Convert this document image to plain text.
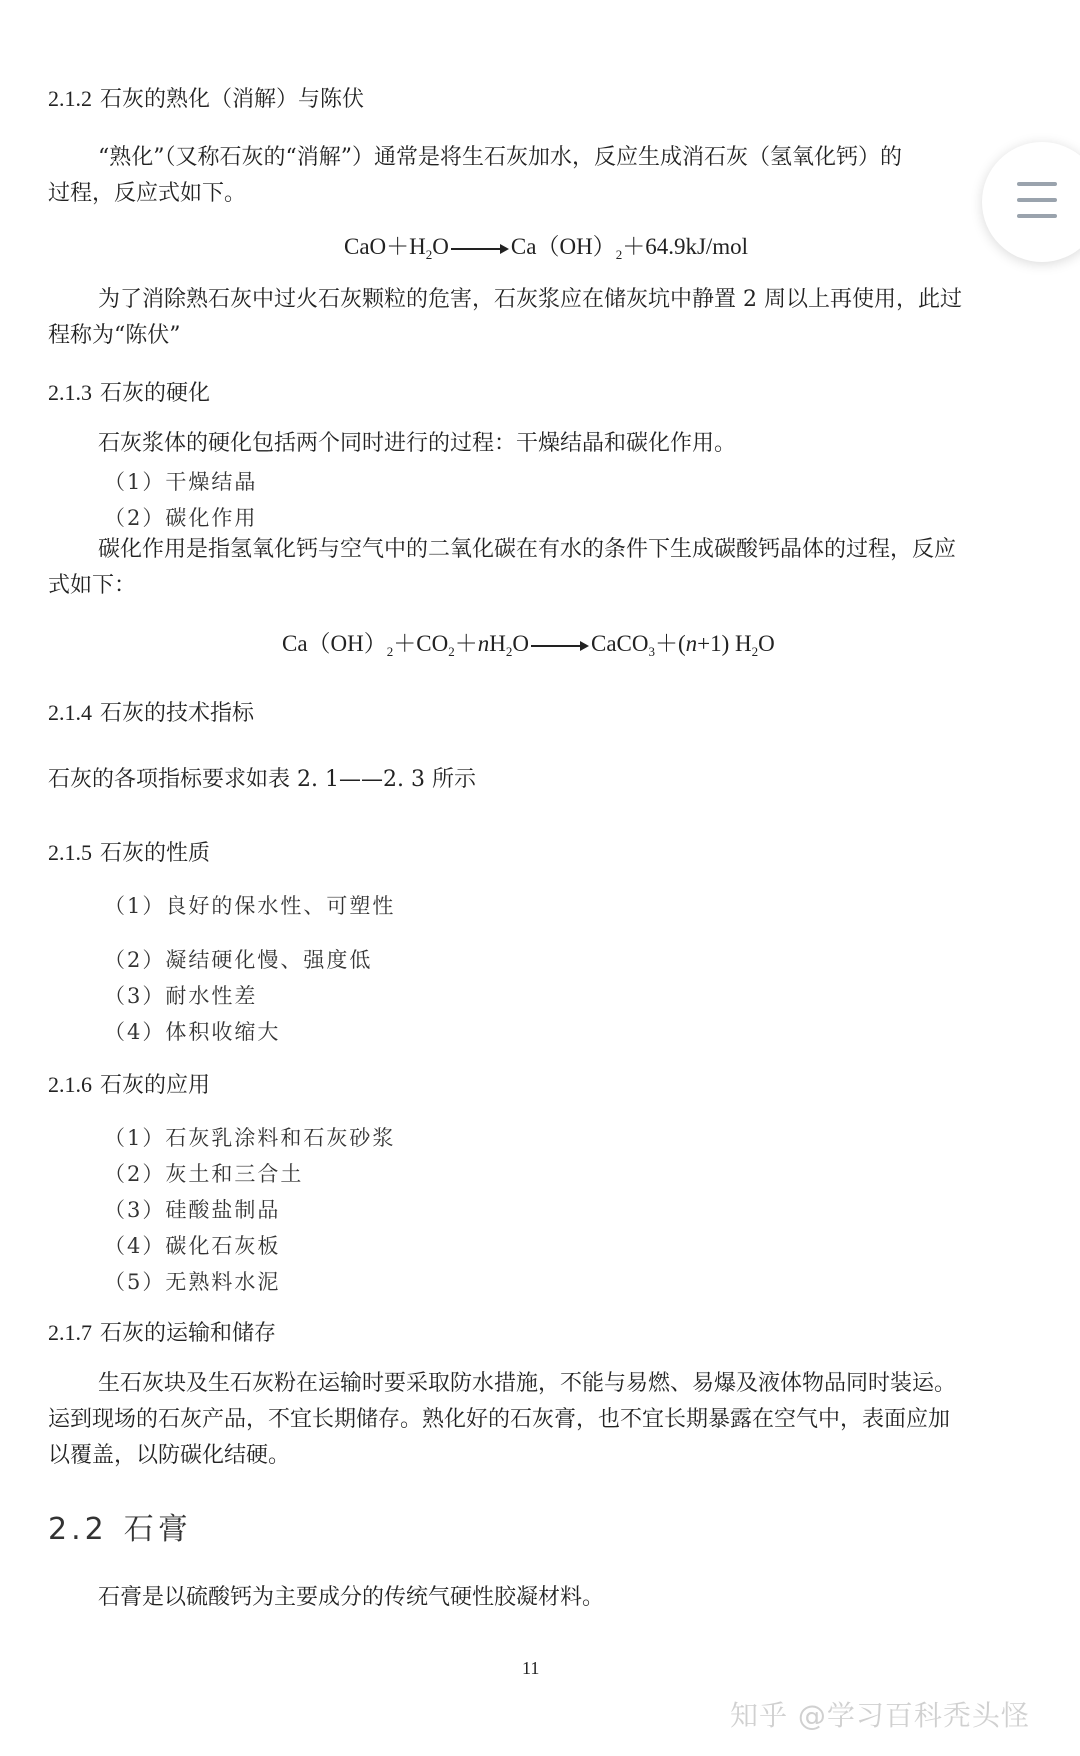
2.1.2 石灰的熟化（消解）与陈伏
“熟化”（又称石灰的“消解”）通常是将生石灰加水，反应生成消石灰（氢氧化钙）的
过程，反应式如下。
$CaO+H_2O$	$Ca(OH)_2+64.9kJ$/mol
为了消除熟石灰中过火石灰颗粒的危害，石灰浆应在储灰坑中静置 2 周以上再使用，此过
程称为“陈伏”
2.1.3 石灰的硬化
石灰浆体的硬化包括两个同时进行的过程：干燥结晶和碳化作用。
（1）干燥结晶
（2）碳化作用
碳化作用是指氢氧化钙与空气中的二氧化碳在有水的条件下生成碳酸钙晶体的过程，反应
式如下：
$Ca(OH)_2+CO_2+nH_2O$	CaCO$_3$＋(n+1) $H_2O$
2.1.4 石灰的技术指标
石灰的各项指标要求如表 2. 1——2. 3 所示
2.1.5 石灰的性质
（1）良好的保水性、可塑性
（2）凝结硬化慢、强度低
（3）耐水性差
（4）体积收缩大
2.1.6 石灰的应用
（1）石灰乳涂料和石灰砂浆
（2）灰土和三合土
（3）硅酸盐制品
（4）碳化石灰板
（5）无熟料水泥
2.1.7 石灰的运输和储存
生石灰块及生石灰粉在运输时要采取防水措施，不能与易燃、易爆及液体物品同时装运。
运到现场的石灰产品，不宜长期储存。熟化好的石灰膏，也不宜长期暴露在空气中，表面应加
以覆盖，以防碳化结硬。
2.2 石膏
石膏是以硫酸钙为主要成分的传统气硬性胶凝材料。
11
知乎 @学习百科秃头怪
